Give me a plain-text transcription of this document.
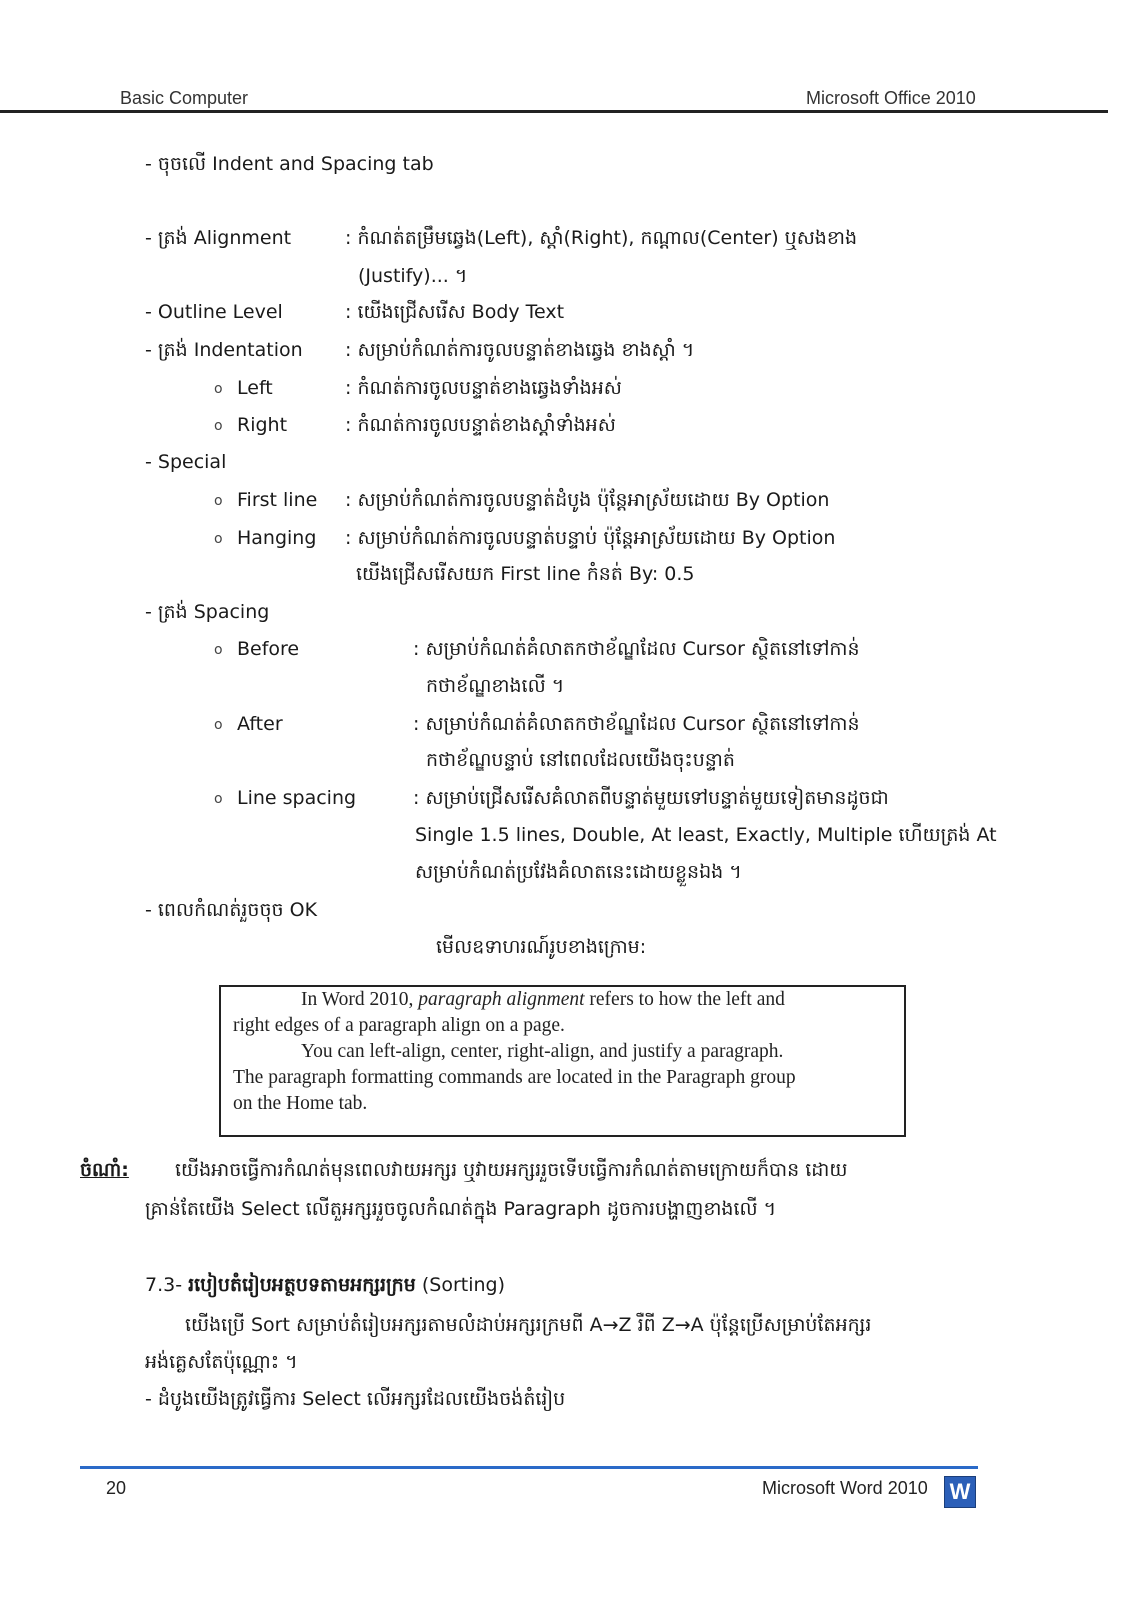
Basic Computer	Microsoft Office 2010
- ចុចលើ Indent and Spacing tab
- ត្រង់ Alignment	: កំណត់តម្រឹមឆ្វេង(Left), ស្តាំ(Right), កណ្តាល(Center) ឬសងខាង
(Justify)... ។
- Outline Level	: យើងជ្រើសរើស Body Text
- ត្រង់ Indentation : សម្រាប់កំណត់ការចូលបន្ទាត់ខាងឆ្វេង ខាងស្តាំ ។
o Left	: កំណត់ការចូលបន្ទាត់ខាងឆ្វេងទាំងអស់
o Right	: កំណត់ការចូលបន្ទាត់ខាងស្តាំទាំងអស់
- Special
o First line : សម្រាប់កំណត់ការចូលបន្ទាត់ដំបូង ប៉ុន្តែអាស្រ័យដោយ By Option
o Hanging : សម្រាប់កំណត់ការចូលបន្ទាត់បន្ទាប់ ប៉ុន្តែអាស្រ័យដោយ By Option
យើងជ្រើសរើសយក First line កំនត់ By: 0.5
- ត្រង់ Spacing
o Before	: សម្រាប់កំណត់គំលាតកថាខ័ណ្ឌដែល Cursor ស្ថិតនៅទៅកាន់
កថាខ័ណ្ឌខាងលើ ។
o After	: សម្រាប់កំណត់គំលាតកថាខ័ណ្ឌដែល Cursor ស្ថិតនៅទៅកាន់
កថាខ័ណ្ឌបន្ទាប់ នៅពេលដែលយើងចុះបន្ទាត់
o Line spacing	: សម្រាប់ជ្រើសរើសគំលាតពីបន្ទាត់មួយទៅបន្ទាត់មួយទៀតមានដូចជា
Single 1.5 lines, Double, At least, Exactly, Multiple ហើយត្រង់ At
សម្រាប់កំណត់ប្រវែងគំលាតនេះដោយខ្លួនឯង ។
- ពេលកំណត់រួចចុច OK
មើលឧទាហរណ៍រូបខាងក្រោម:
In Word 2010, paragraph alignment refers to how the left and
right edges of a paragraph align on a page.
You can left-align, center, right-align, and justify a paragraph.
The paragraph formatting commands are located in the Paragraph group
on the Home tab.
ចំណាំ: យើងអាចធ្វើការកំណត់មុនពេលវាយអក្សរ ឬវាយអក្សររួចទើបធ្វើការកំណត់តាមក្រោយក៏បាន ដោយ
គ្រាន់តែយើង Select លើតួអក្សររួចចូលកំណត់ក្នុង Paragraph ដូចការបង្ហាញខាងលើ ។
7.3- របៀបតំរៀបអត្ថបទតាមអក្សរក្រម (Sorting)
យើងប្រើ Sort សម្រាប់តំរៀបអក្សរតាមលំដាប់អក្សរក្រមពី A→Z រឺពី Z→A ប៉ុន្តែប្រើសម្រាប់តែអក្សរ
អង់គ្លេសតែប៉ុណ្ណោះ ។
- ដំបូងយើងត្រូវធ្វើការ Select លើអក្សរដែលយើងចង់តំរៀប
20	Microsoft Word 2010 W
